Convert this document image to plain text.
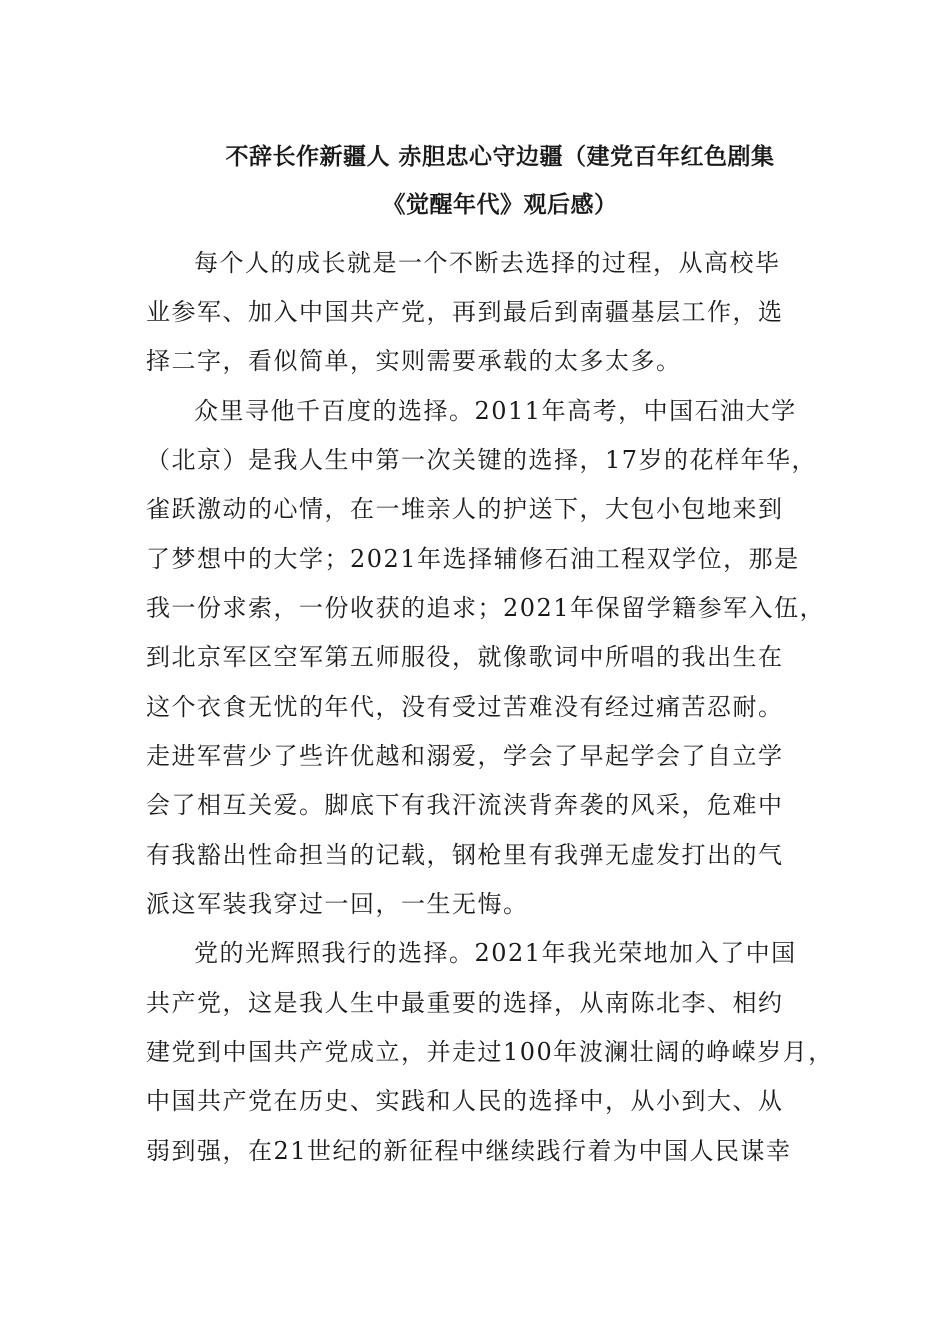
不辞长作新疆人 赤胆忠心守边疆（建党百年红色剧集
《觉醒年代》观后感）
每个人的成长就是一个不断去选择的过程，从高校毕
业参军、加入中国共产党，再到最后到南疆基层工作，选
择二字，看似简单，实则需要承载的太多太多。
众里寻他千百度的选择。2011年高考，中国石油大学
（北京）是我人生中第一次关键的选择，17岁的花样年华，
雀跃激动的心情，在一堆亲人的护送下，大包小包地来到
了梦想中的大学；2021年选择辅修石油工程双学位，那是
我一份求索，一份收获的追求；2021年保留学籍参军入伍，
到北京军区空军第五师服役，就像歌词中所唱的我出生在
这个衣食无忧的年代，没有受过苦难没有经过痛苦忍耐。
走进军营少了些许优越和溺爱，学会了早起学会了自立学
会了相互关爱。脚底下有我汗流浃背奔袭的风采，危难中
有我豁出性命担当的记载，钢枪里有我弹无虚发打出的气
派这军装我穿过一回，一生无悔。
党的光辉照我行的选择。2021年我光荣地加入了中国
共产党，这是我人生中最重要的选择，从南陈北李、相约
建党到中国共产党成立，并走过100年波澜壮阔的峥嵘岁月，
中国共产党在历史、实践和人民的选择中，从小到大、从
弱到强，在21世纪的新征程中继续践行着为中国人民谋幸
